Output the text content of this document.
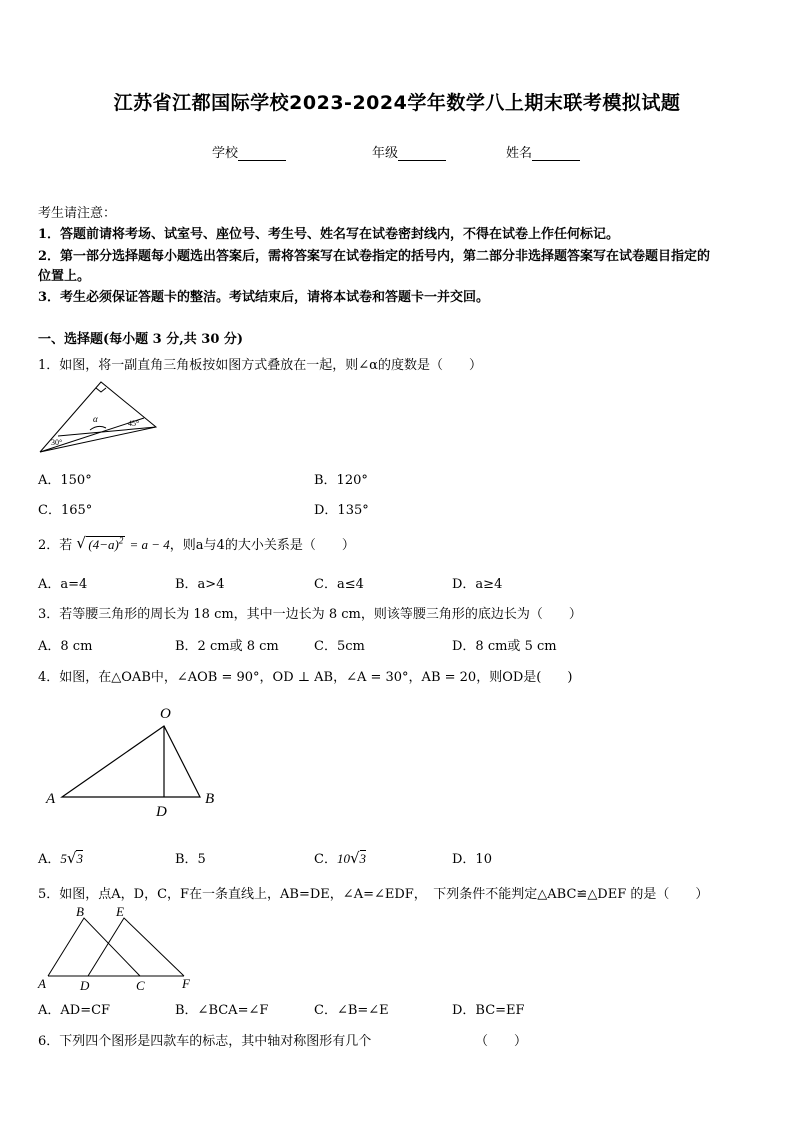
江苏省江都国际学校2023-2024学年数学八上期末联考模拟试题
学校	年级	姓名
考生请注意：
1．答题前请将考场、试室号、座位号、考生号、姓名写在试卷密封线内，不得在试卷上作任何标记。
2．第一部分选择题每小题选出答案后，需将答案写在试卷指定的括号内，第二部分非选择题答案写在试卷题目指定的
位置上。
3．考生必须保证答题卡的整洁。考试结束后，请将本试卷和答题卡一并交回。
一、选择题(每小题 3 分,共 30 分)
1．如图，将一副直角三角板按如图方式叠放在一起，则∠α的度数是（　　）
α
30°
45°
A．150°	B．120°
C．165°	D．135°
2．若 √ $(4-a)^2 = a - 4$，则a与4的大小关系是（　　）
A．a=4	B．a>4	C．a≤4	D．a≥4
3．若等腰三角形的周长为 18 cm，其中一边长为 8 cm，则该等腰三角形的底边长为（　　）
A．8 cm	B．2 cm或 8 cm	C．5cm	D．8 cm或 5 cm
4．如图，在△OAB中，∠AOB = 90°，OD ⊥ AB，∠A = 30°，AB = 20，则OD是(　　)
O
A	B
D
A．5√3	B．5	C．10√3	D．10
5．如图，点A，D，C，F在一条直线上，AB=DE，∠A=∠EDF，　下列条件不能判定△ABC≌△DEF 的是（　　）
B E
A	D	C	F
A．AD=CF	B．∠BCA=∠F	C．∠B=∠E	D．BC=EF
6．下列四个图形是四款车的标志，其中轴对称图形有几个	（　　）
